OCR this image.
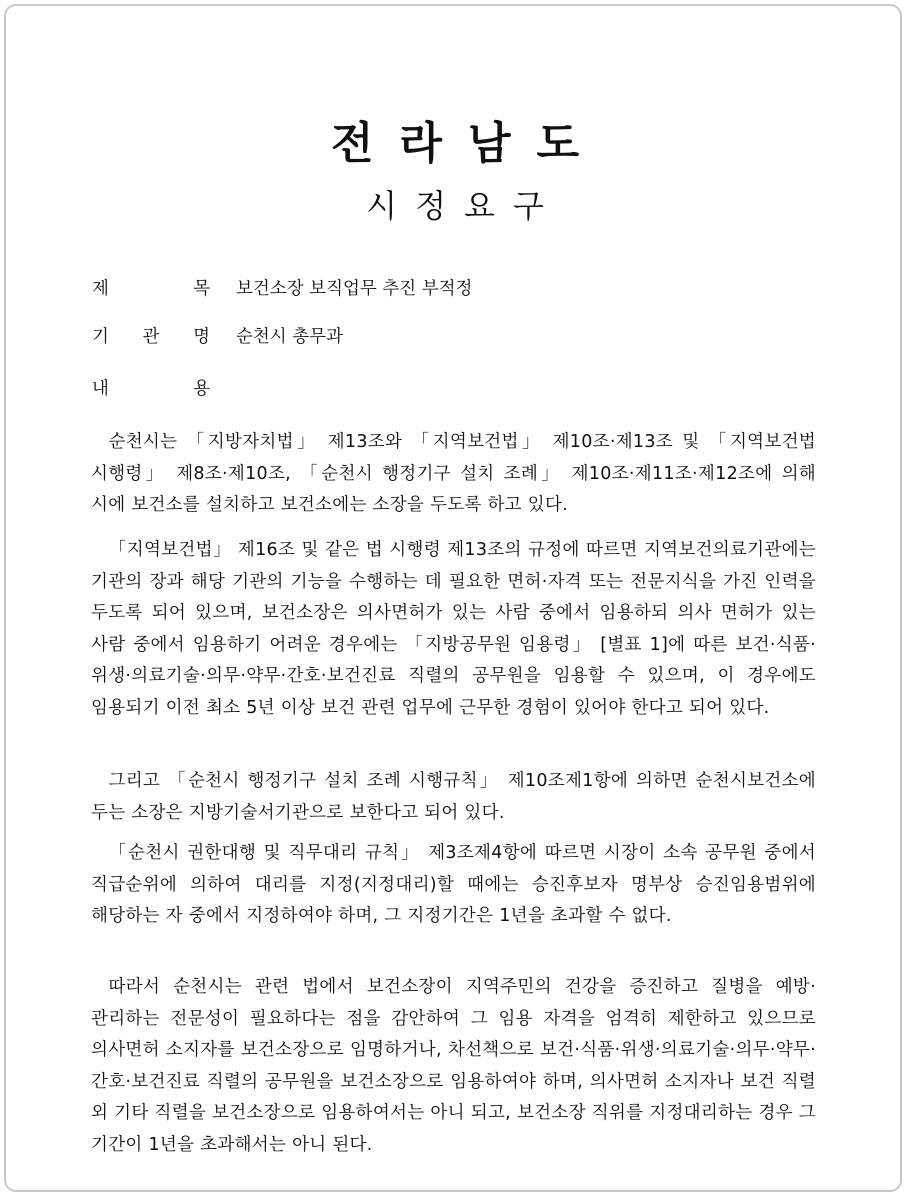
전라남도
시정요구
제	목 보건소장 보직업무 추진 부적정
기 관 명 순천시 총무과
내	용

순천시는 「지방자치법」 제13조와 「지역보건법」 제10조·제13조 및 「지역보건법 시행령」 제8조·제10조, 「순천시 행정기구 설치 조례」 제10조·제11조·제12조에 의해 시에 보건소를 설치하고 보건소에는 소장을 두도록 하고 있다.

「지역보건법」 제16조 및 같은 법 시행령 제13조의 규정에 따르면 지역보건의료기관에는 기관의 장과 해당 기관의 기능을 수행하는 데 필요한 면허·자격 또는 전문지식을 가진 인력을 두도록 되어 있으며, 보건소장은 의사면허가 있는 사람 중에서 임용하되 의사 면허가 있는 사람 중에서 임용하기 어려운 경우에는 「지방공무원 임용령」 [별표 1]에 따른 보건·식품·위생·의료기술·의무·약무·간호·보건진료 직렬의 공무원을 임용할 수 있으며, 이 경우에도 임용되기 이전 최소 5년 이상 보건 관련 업무에 근무한 경험이 있어야 한다고 되어 있다.

그리고 「순천시 행정기구 설치 조례 시행규칙」 제10조제1항에 의하면 순천시보건소에 두는 소장은 지방기술서기관으로 보한다고 되어 있다.

「순천시 권한대행 및 직무대리 규칙」 제3조제4항에 따르면 시장이 소속 공무원 중에서 직급순위에 의하여 대리를 지정(지정대리)할 때에는 승진후보자 명부상 승진임용범위에 해당하는 자 중에서 지정하여야 하며, 그 지정기간은 1년을 초과할 수 없다.

따라서 순천시는 관련 법에서 보건소장이 지역주민의 건강을 증진하고 질병을 예방·관리하는 전문성이 필요하다는 점을 감안하여 그 임용 자격을 엄격히 제한하고 있으므로 의사면허 소지자를 보건소장으로 임명하거나, 차선책으로 보건·식품·위생·의료기술·의무·약무·간호·보건진료 직렬의 공무원을 보건소장으로 임용하여야 하며, 의사면허 소지자나 보건 직렬 외 기타 직렬을 보건소장으로 임용하여서는 아니 되고, 보건소장 직위를 지정대리하는 경우 그 기간이 1년을 초과해서는 아니 된다.
